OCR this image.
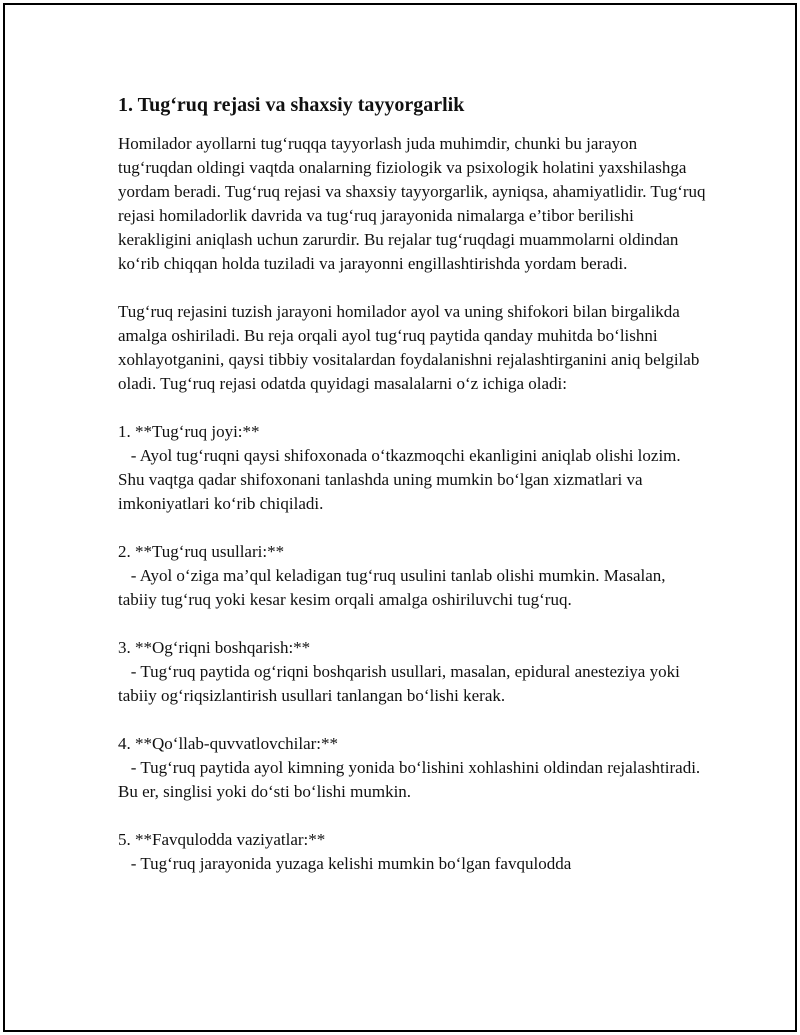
1. Tug‘ruq rejasi va shaxsiy tayyorgarlik

Homilador ayollarni tug‘ruqqa tayyorlash juda muhimdir, chunki bu jarayon tug‘ruqdan oldingi vaqtda onalarning fiziologik va psixologik holatini yaxshilashga yordam beradi. Tug‘ruq rejasi va shaxsiy tayyorgarlik, ayniqsa, ahamiyatlidir. Tug‘ruq rejasi homiladorlik davrida va tug‘ruq jarayonida nimalarga e’tibor berilishi kerakligini aniqlash uchun zarurdir. Bu rejalar tug‘ruqdagi muammolarni oldindan ko‘rib chiqqan holda tuziladi va jarayonni engillashtirishda yordam beradi.

Tug‘ruq rejasini tuzish jarayoni homilador ayol va uning shifokori bilan birgalikda amalga oshiriladi. Bu reja orqali ayol tug‘ruq paytida qanday muhitda bo‘lishni xohlayotganini, qaysi tibbiy vositalardan foydalanishni rejalashtirganini aniq belgilab oladi. Tug‘ruq rejasi odatda quyidagi masalalarni o‘z ichiga oladi:

1. **Tug‘ruq joyi:**
- Ayol tug‘ruqni qaysi shifoxonada o‘tkazmoqchi ekanligini aniqlab olishi lozim. Shu vaqtga qadar shifoxonani tanlashda uning mumkin bo‘lgan xizmatlari va imkoniyatlari ko‘rib chiqiladi.
2. **Tug‘ruq usullari:**
- Ayol o‘ziga ma’qul keladigan tug‘ruq usulini tanlab olishi mumkin. Masalan, tabiiy tug‘ruq yoki kesar kesim orqali amalga oshiriluvchi tug‘ruq.
3. **Og‘riqni boshqarish:**
- Tug‘ruq paytida og‘riqni boshqarish usullari, masalan, epidural anesteziya yoki tabiiy og‘riqsizlantirish usullari tanlangan bo‘lishi kerak.
4. **Qo‘llab-quvvatlovchilar:**
- Tug‘ruq paytida ayol kimning yonida bo‘lishini xohlashini oldindan rejalashtiradi. Bu er, singlisi yoki do‘sti bo‘lishi mumkin.
5. **Favqulodda vaziyatlar:**
- Tug‘ruq jarayonida yuzaga kelishi mumkin bo‘lgan favqulodda
